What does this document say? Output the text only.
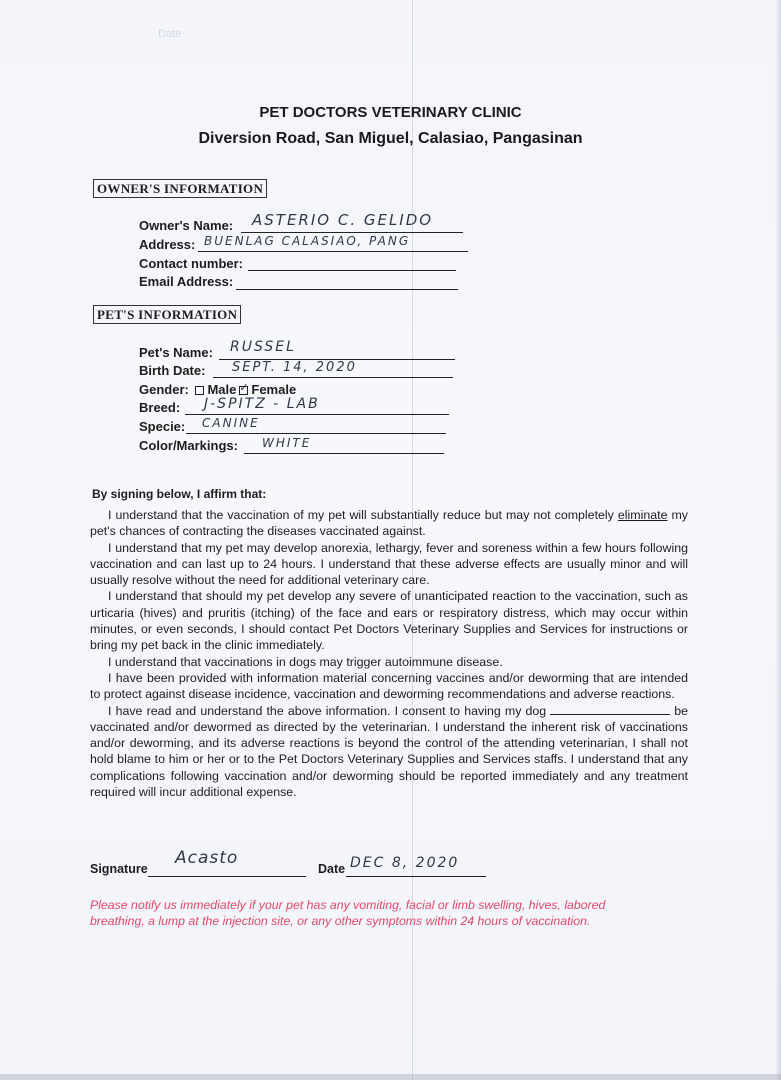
Date
PET DOCTORS VETERINARY CLINIC
Diversion Road, San Miguel, Calasiao, Pangasinan
OWNER'S INFORMATION
Owner's Name: ASTERIO C. GELIDO
Address: BUENLAG CALASIAO, PANG
Contact number:
Email Address:
PET'S INFORMATION
Pet's Name: RUSSEL
Birth Date: SEPT. 14, 2020
Gender: Male ✓ Female
Breed: J-SPITZ - LAB
Specie: CANINE
Color/Markings: WHITE
By signing below, I affirm that:

I understand that the vaccination of my pet will substantially reduce but may not completely eliminate my pet's chances of contracting the diseases vaccinated against.

I understand that my pet may develop anorexia, lethargy, fever and soreness within a few hours following vaccination and can last up to 24 hours. I understand that these adverse effects are usually minor and will usually resolve without the need for additional veterinary care.

I understand that should my pet develop any severe of unanticipated reaction to the vaccination, such as urticaria (hives) and pruritis (itching) of the face and ears or respiratory distress, which may occur within minutes, or even seconds, I should contact Pet Doctors Veterinary Supplies and Services for instructions or bring my pet back in the clinic immediately.

I understand that vaccinations in dogs may trigger autoimmune disease.

I have been provided with information material concerning vaccines and/or deworming that are intended to protect against disease incidence, vaccination and deworming recommendations and adverse reactions.

I have read and understand the above information. I consent to having my dog	be vaccinated and/or dewormed as directed by the veterinarian. I understand the inherent risk of vaccinations and/or deworming, and its adverse reactions is beyond the control of the attending veterinarian, I shall not hold blame to him or her or to the Pet Doctors Veterinary Supplies and Services staffs. I understand that any complications following vaccination and/or deworming should be reported immediately and any treatment required will incur additional expense.

Signature
Acasto
Date DEC 8, 2020
Please notify us immediately if your pet has any vomiting, facial or limb swelling, hives, labored breathing, a lump at the injection site, or any other symptoms within 24 hours of vaccination.
